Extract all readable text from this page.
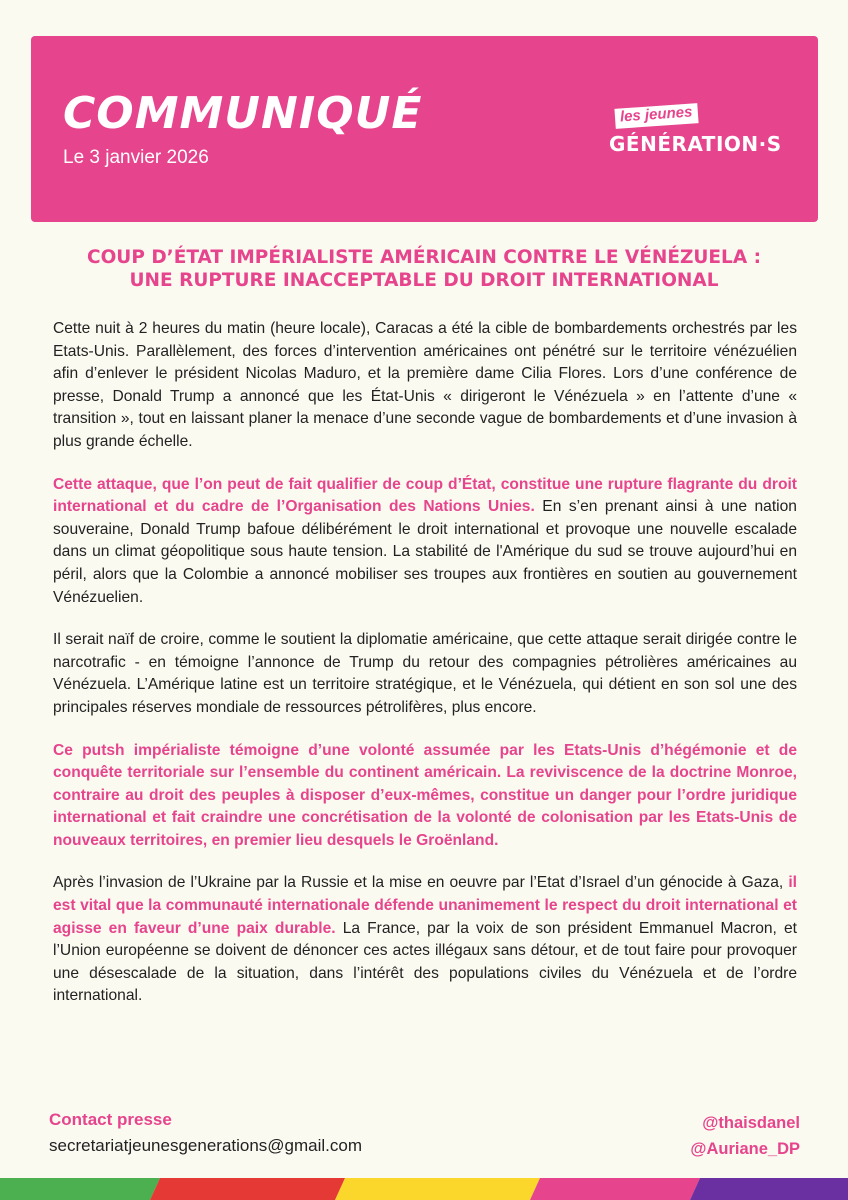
COMMUNIQUÉ
Le 3 janvier 2026
les jeunes
GÉNÉRATION·S
COUP D’ÉTAT IMPÉRIALISTE AMÉRICAIN CONTRE LE VÉNÉZUELA :
UNE RUPTURE INACCEPTABLE DU DROIT INTERNATIONAL

Cette nuit à 2 heures du matin (heure locale), Caracas a été la cible de bombardements orchestrés par les Etats-Unis. Parallèlement, des forces d’intervention américaines ont pénétré sur le territoire vénézuélien afin d’enlever le président Nicolas Maduro, et la première dame Cilia Flores. Lors d’une conférence de presse, Donald Trump a annoncé que les État-Unis « dirigeront le Vénézuela » en l’attente d’une « transition », tout en laissant planer la menace d’une seconde vague de bombardements et d’une invasion à plus grande échelle.

Cette attaque, que l’on peut de fait qualifier de coup d’État, constitue une rupture flagrante du droit international et du cadre de l’Organisation des Nations Unies. En s’en prenant ainsi à une nation souveraine, Donald Trump bafoue délibérément le droit international et provoque une nouvelle escalade dans un climat géopolitique sous haute tension. La stabilité de l'Amérique du sud se trouve aujourd’hui en péril, alors que la Colombie a annoncé mobiliser ses troupes aux frontières en soutien au gouvernement Vénézuelien.

Il serait naïf de croire, comme le soutient la diplomatie américaine, que cette attaque serait dirigée contre le narcotrafic - en témoigne l’annonce de Trump du retour des compagnies pétrolières américaines au Vénézuela. L’Amérique latine est un territoire stratégique, et le Vénézuela, qui détient en son sol une des principales réserves mondiale de ressources pétrolifères, plus encore.

Ce putsh impérialiste témoigne d’une volonté assumée par les Etats-Unis d’hégémonie et de conquête territoriale sur l’ensemble du continent américain. La reviviscence de la doctrine Monroe, contraire au droit des peuples à disposer d’eux-mêmes, constitue un danger pour l’ordre juridique international et fait craindre une concrétisation de la volonté de colonisation par les Etats-Unis de nouveaux territoires, en premier lieu desquels le Groënland.

Après l’invasion de l’Ukraine par la Russie et la mise en oeuvre par l’Etat d’Israel d’un génocide à Gaza, il est vital que la communauté internationale défende unanimement le respect du droit international et agisse en faveur d’une paix durable. La France, par la voix de son président Emmanuel Macron, et l’Union européenne se doivent de dénoncer ces actes illégaux sans détour, et de tout faire pour provoquer une désescalade de la situation, dans l’intérêt des populations civiles du Vénézuela et de l’ordre international.

Contact presse
secretariatjeunesgenerations@gmail.com
@thaisdanel
@Auriane_DP
